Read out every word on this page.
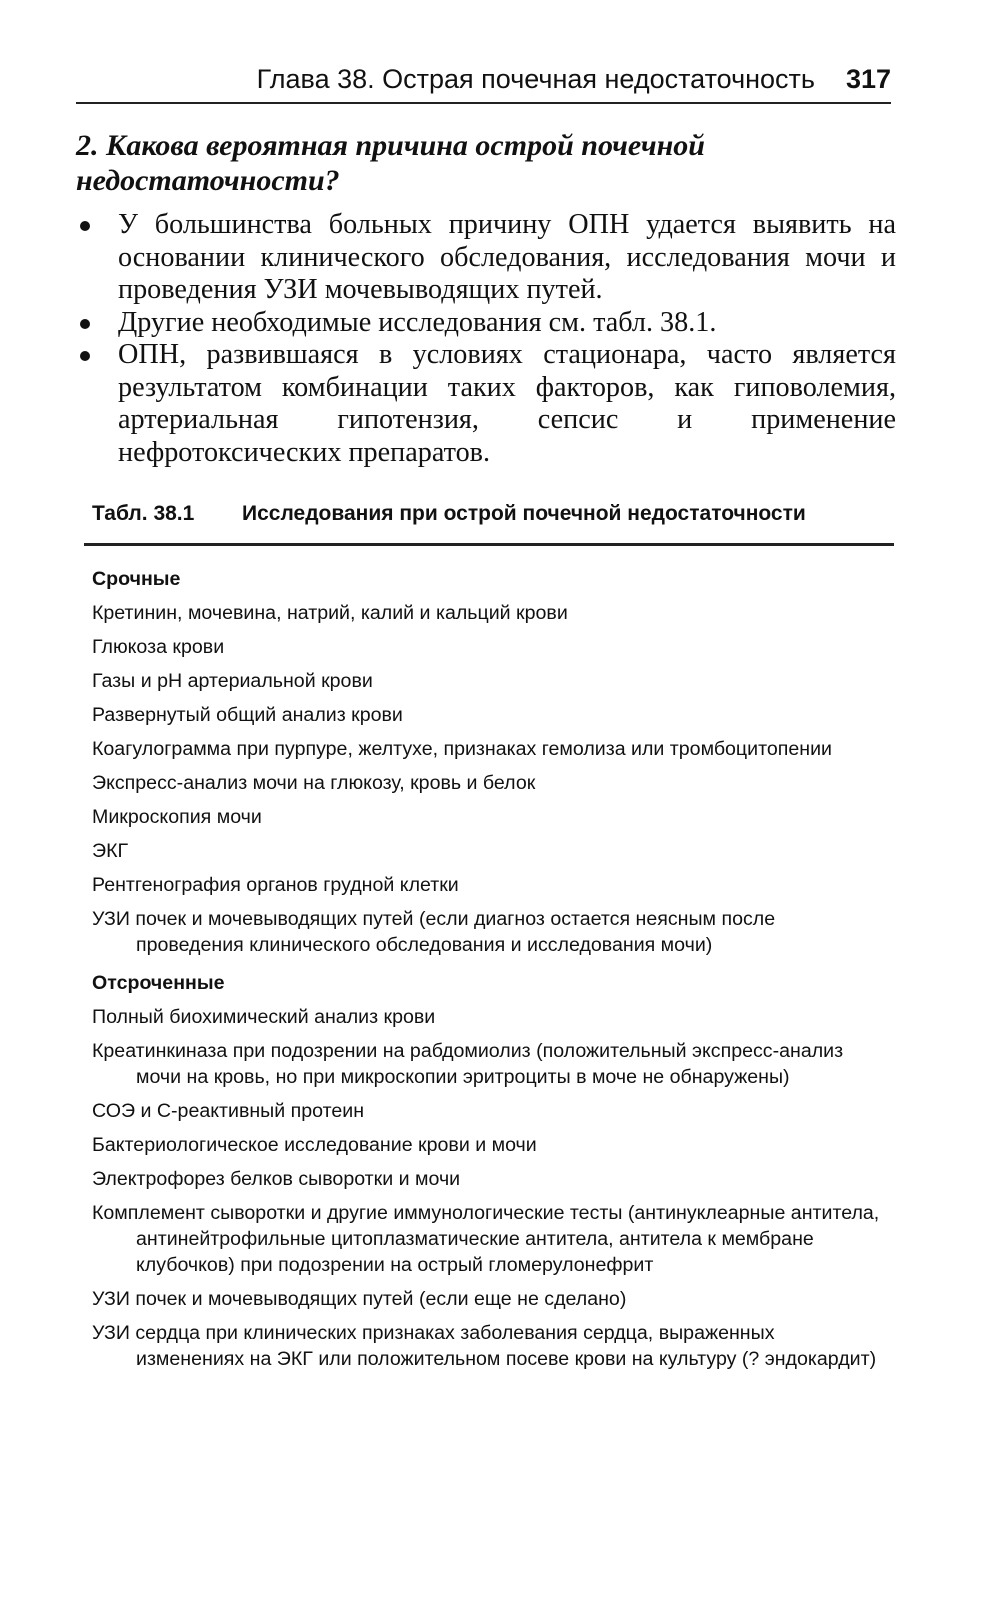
Глава 38. Острая почечная недостаточность 317
2. Какова вероятная причина острой почечной недостаточности?
У большинства больных причину ОПН удается выявить на основании клинического обследования, исследования мочи и проведения УЗИ мочевыводящих путей.
Другие необходимые исследования см. табл. 38.1.
ОПН, развившаяся в условиях стационара, часто является результатом комбинации таких факторов, как гиповолемия, артериальная гипотензия, сепсис и применение нефротоксических препаратов.
Табл. 38.1 Исследования при острой почечной недостаточности
Срочные
Кретинин, мочевина, натрий, калий и кальций крови
Глюкоза крови
Газы и pH артериальной крови
Развернутый общий анализ крови
Коагулограмма при пурпуре, желтухе, признаках гемолиза или тромбоцитопении
Экспресс-анализ мочи на глюкозу, кровь и белок
Микроскопия мочи
ЭКГ
Рентгенография органов грудной клетки
УЗИ почек и мочевыводящих путей (если диагноз остается неясным после проведения клинического обследования и исследования мочи)
Отсроченные
Полный биохимический анализ крови
Креатинкиназа при подозрении на рабдомиолиз (положительный экспресс-анализ мочи на кровь, но при микроскопии эритроциты в моче не обнаружены)
СОЭ и С-реактивный протеин
Бактериологическое исследование крови и мочи
Электрофорез белков сыворотки и мочи
Комплемент сыворотки и другие иммунологические тесты (антинуклеарные антитела, антинейтрофильные цитоплазматические антитела, антитела к мембране клубочков) при подозрении на острый гломерулонефрит
УЗИ почек и мочевыводящих путей (если еще не сделано)
УЗИ сердца при клинических признаках заболевания сердца, выраженных изменениях на ЭКГ или положительном посеве крови на культуру (? эндокардит)
